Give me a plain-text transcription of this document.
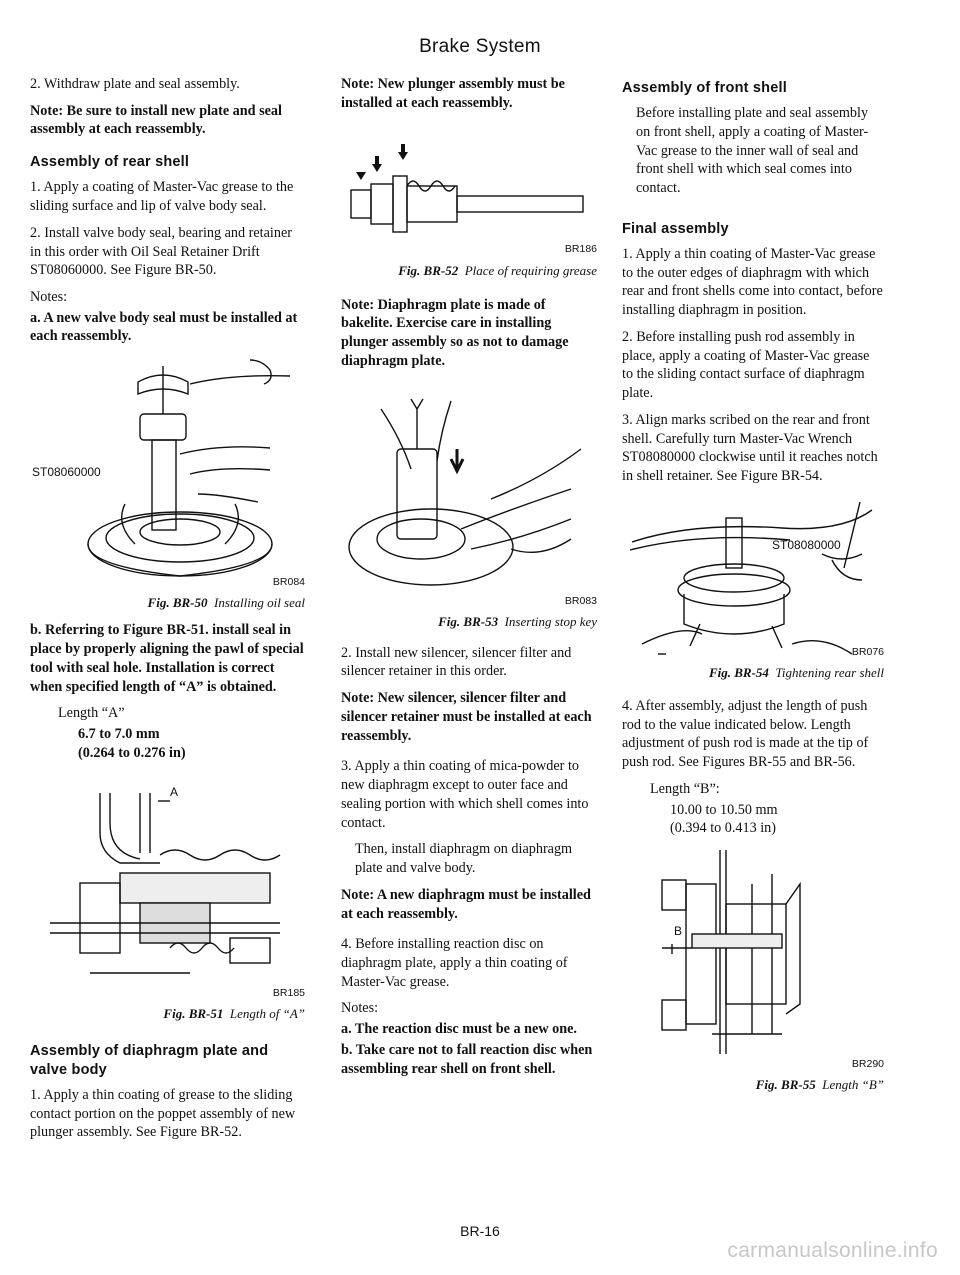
Brake System

2. Withdraw plate and seal assembly.

Note: Be sure to install new plate and seal assembly at each reassembly.

Assembly of rear shell

1. Apply a coating of Master-Vac grease to the sliding surface and lip of valve body seal.

2. Install valve body seal, bearing and retainer in this order with Oil Seal Retainer Drift ST08060000. See Figure BR-50.

Notes:

a. A new valve body seal must be installed at each reassembly.

ST08060000
BR084
Fig. BR-50 Installing oil seal

b. Referring to Figure BR-51. install seal in place by properly aligning the pawl of special tool with seal hole. Installation is correct when specified length of “A” is obtained.

Length “A”

6.7 to 7.0 mm

(0.264 to 0.276 in)

A
BR185
Fig. BR-51 Length of “A”
Assembly of diaphragm plate and valve body

1. Apply a thin coating of grease to the sliding contact portion on the poppet assembly of new plunger assembly. See Figure BR-52.

Note: New plunger assembly must be installed at each reassembly.

BR186
Fig. BR-52 Place of requiring grease

Note: Diaphragm plate is made of bakelite. Exercise care in installing plunger assembly so as not to damage diaphragm plate.

BR083
Fig. BR-53 Inserting stop key

2. Install new silencer, silencer filter and silencer retainer in this order.

Note: New silencer, silencer filter and silencer retainer must be installed at each reassembly.

3. Apply a thin coating of mica-powder to new diaphragm except to outer face and sealing portion with which shell comes into contact.

Then, install diaphragm on diaphragm plate and valve body.

Note: A new diaphragm must be installed at each reassembly.

4. Before installing reaction disc on diaphragm plate, apply a thin coating of Master-Vac grease.

Notes:

a. The reaction disc must be a new one.

b. Take care not to fall reaction disc when assembling rear shell on front shell.

Assembly of front shell

Before installing plate and seal assembly on front shell, apply a coating of Master-Vac grease to the inner wall of seal and front shell with which seal comes into contact.

Final assembly

1. Apply a thin coating of Master-Vac grease to the outer edges of diaphragm with which rear and front shells come into contact, before installing diaphragm in position.

2. Before installing push rod assembly in place, apply a coating of Master-Vac grease to the sliding contact surface of diaphragm plate.

3. Align marks scribed on the rear and front shell. Carefully turn Master-Vac Wrench ST08080000 clockwise until it reaches notch in shell retainer. See Figure BR-54.

ST08080000
BR076
Fig. BR-54 Tightening rear shell

4. After assembly, adjust the length of push rod to the value indicated below. Length adjustment of push rod is made at the tip of push rod. See Figures BR-55 and BR-56.

Length “B”:

10.00 to 10.50 mm

(0.394 to 0.413 in)

B
BR290
Fig. BR-55 Length “B”
BR-16
carmanualsonline.info
